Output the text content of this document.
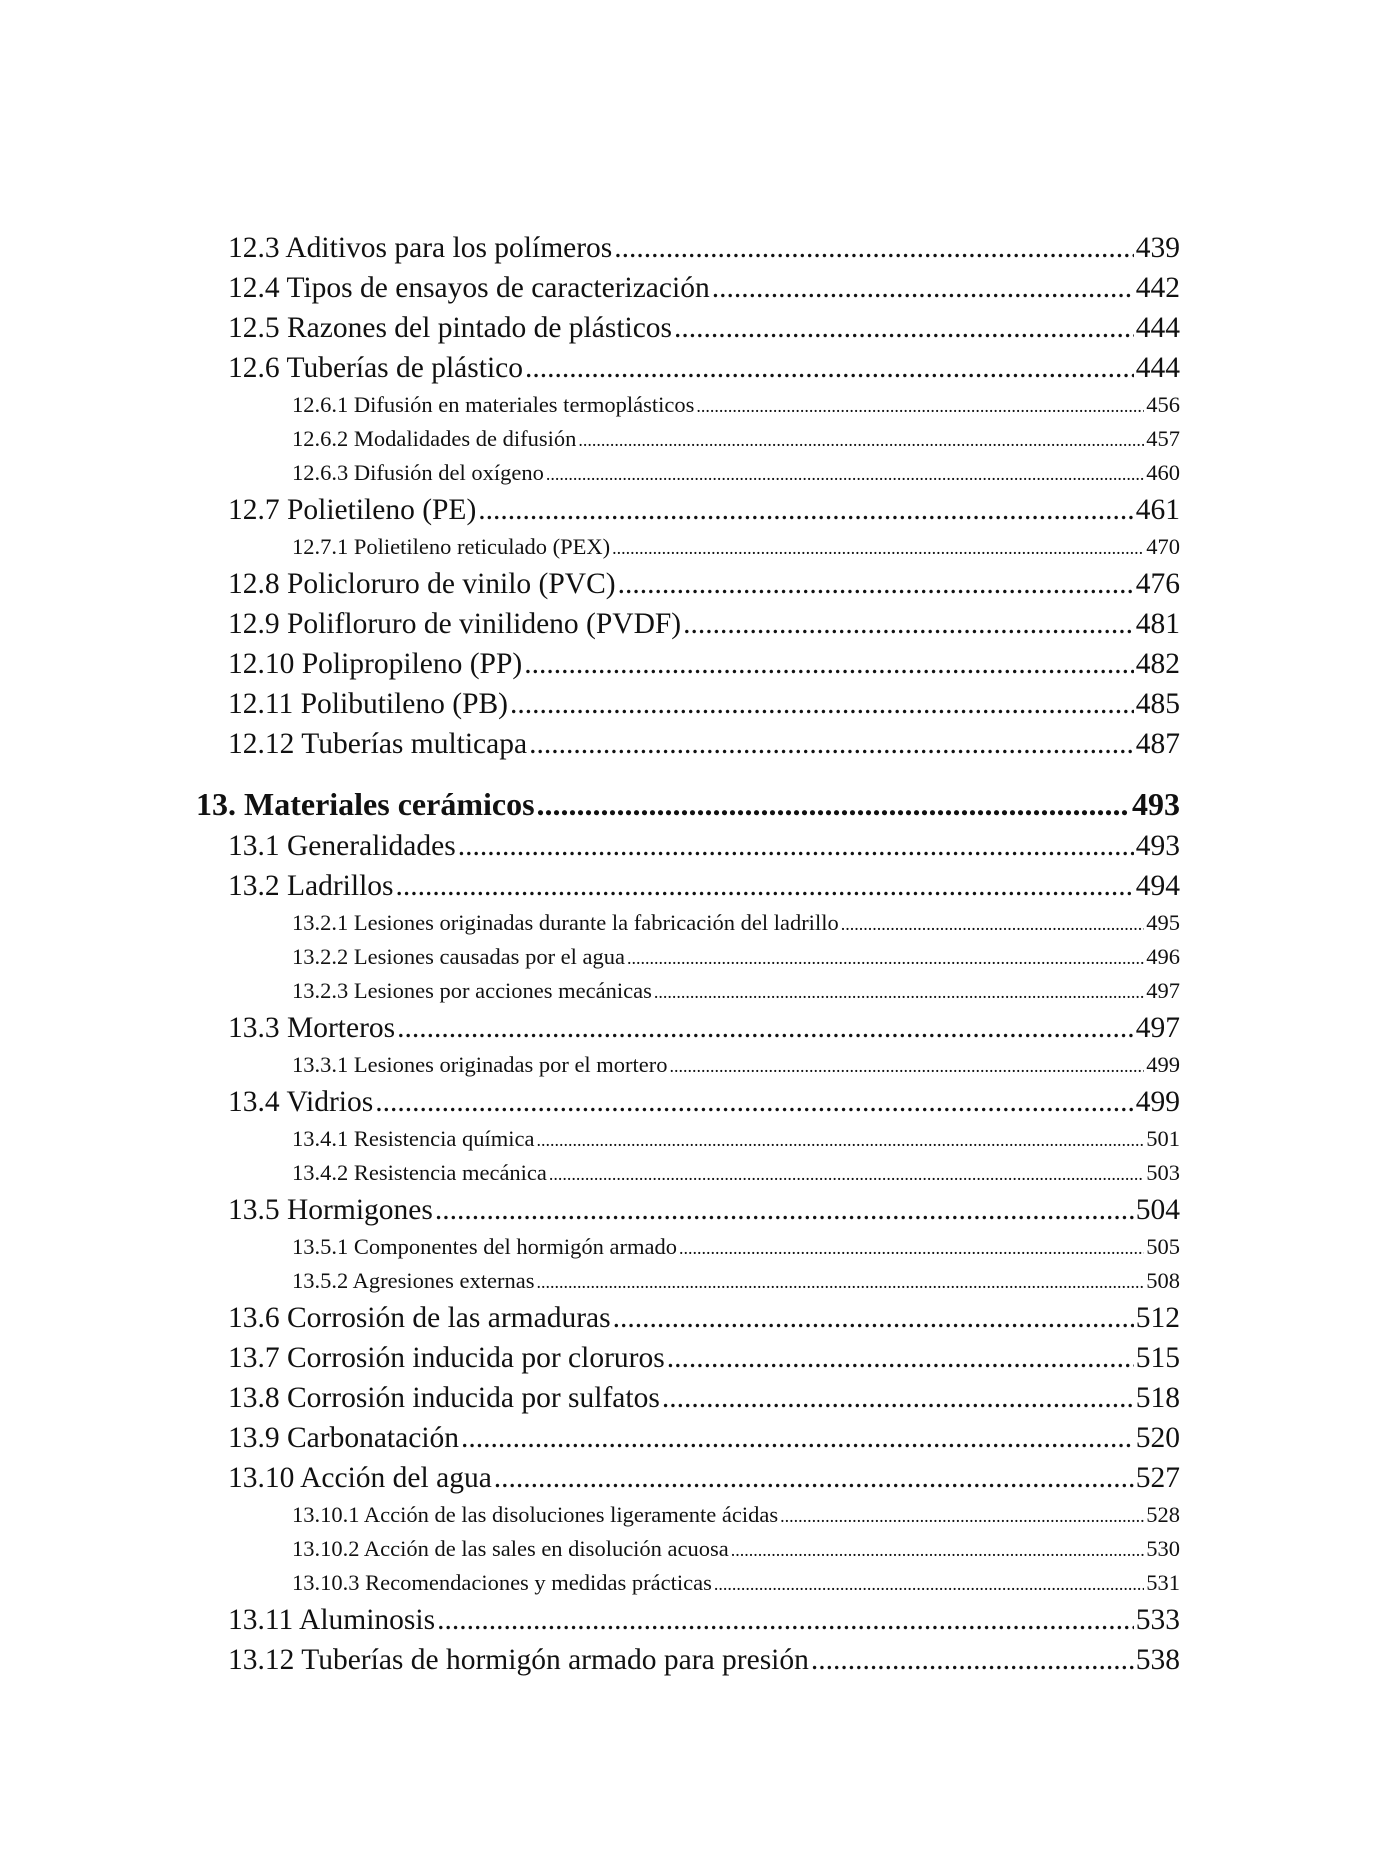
12.3 Aditivos para los polímeros .....	439
12.4 Tipos de ensayos de caracterización .....	442
12.5 Razones del pintado de plásticos .....	444
12.6 Tuberías de plástico .....	444
12.6.1 Difusión en materiales termoplásticos .....	456
12.6.2 Modalidades de difusión .....	457
12.6.3 Difusión del oxígeno .....	460
12.7 Polietileno (PE) .....	461
12.7.1 Polietileno reticulado (PEX) .....	470
12.8 Policloruro de vinilo (PVC) .....	476
12.9 Polifloruro de vinilideno (PVDF) .....	481
12.10 Polipropileno (PP) .....	482
12.11 Polibutileno (PB) .....	485
12.12 Tuberías multicapa .....	487
13. Materiales cerámicos .....	493
13.1 Generalidades .....	493
13.2 Ladrillos .....	494
13.2.1 Lesiones originadas durante la fabricación del ladrillo .....	495
13.2.2 Lesiones causadas por el agua .....	496
13.2.3 Lesiones por acciones mecánicas .....	497
13.3 Morteros .....	497
13.3.1 Lesiones originadas por el mortero .....	499
13.4 Vidrios .....	499
13.4.1 Resistencia química .....	501
13.4.2 Resistencia mecánica .....	503
13.5 Hormigones .....	504
13.5.1 Componentes del hormigón armado .....	505
13.5.2 Agresiones externas .....	508
13.6 Corrosión de las armaduras .....	512
13.7 Corrosión inducida por cloruros .....	515
13.8 Corrosión inducida por sulfatos .....	518
13.9 Carbonatación .....	520
13.10 Acción del agua .....	527
13.10.1 Acción de las disoluciones ligeramente ácidas .....	528
13.10.2 Acción de las sales en disolución acuosa .....	530
13.10.3 Recomendaciones y medidas prácticas .....	531
13.11 Aluminosis .....	533
13.12 Tuberías de hormigón armado para presión .....	538
